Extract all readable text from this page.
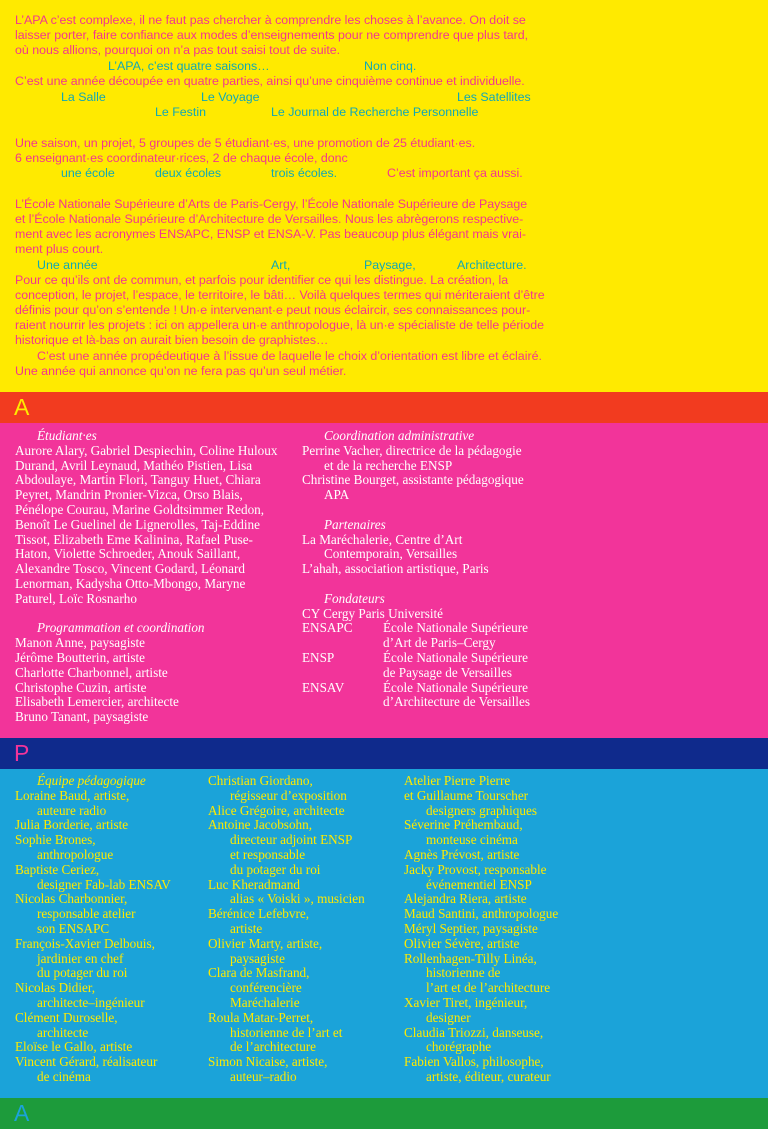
L’APA c’est complexe, il ne faut pas chercher à comprendre les choses à l’avance. On doit se
laisser porter, faire confiance aux modes d’enseignements pour ne comprendre que plus tard,
où nous allions, pourquoi on n’a pas tout saisi tout de suite.
L’APA, c’est quatre saisons…	Non cinq.
C’est une année découpée en quatre parties, ainsi qu’une cinquième continue et individuelle.
La Salle	Le Voyage	Les Satellites
Le Festin	Le Journal de Recherche Personnelle
Une saison, un projet, 5 groupes de 5 étudiant·es, une promotion de 25 étudiant·es.
6 enseignant·es coordinateur·rices, 2 de chaque école, donc
une école	deux écoles	trois écoles.	C’est important ça aussi.
L’École Nationale Supérieure d’Arts de Paris-Cergy, l’École Nationale Supérieure de Paysage
et l’École Nationale Supérieure d’Architecture de Versailles. Nous les abrègerons respective-
ment avec les acronymes ENSAPC, ENSP et ENSA-V. Pas beaucoup plus élégant mais vrai-
ment plus court.
Une année	Art,	Paysage,	Architecture.
Pour ce qu’ils ont de commun, et parfois pour identifier ce qui les distingue. La création, la
conception, le projet, l’espace, le territoire, le bâti… Voilà quelques termes qui mériteraient d’être
définis pour qu’on s’entende ! Un·e intervenant·e peut nous éclaircir, ses connaissances pour-
raient nourrir les projets : ici on appellera un·e anthropologue, là un·e spécialiste de telle période
historique et là-bas on aurait bien besoin de graphistes…
C’est une année propédeutique à l’issue de laquelle le choix d’orientation est libre et éclairé.
Une année qui annonce qu’on ne fera pas qu’un seul métier.
A

Étudiant·es

Aurore Alary, Gabriel Despiechin, Coline Huloux

Durand, Avril Leynaud, Mathéo Pistien, Lisa

Abdoulaye, Martin Flori, Tanguy Huet, Chiara

Peyret, Mandrin Pronier-Vizca, Orso Blais,

Pénélope Courau, Marine Goldtsimmer Redon,

Benoît Le Guelinel de Lignerolles, Taj-Eddine

Tissot, Elizabeth Eme Kalinina, Rafael Puse-

Haton, Violette Schroeder, Anouk Saillant,

Alexandre Tosco, Vincent Godard, Léonard

Lenorman, Kadysha Otto-Mbongo, Maryne

Paturel, Loïc Rosnarho

Programmation et coordination

Manon Anne, paysagiste

Jérôme Boutterin, artiste

Charlotte Charbonnel, artiste

Christophe Cuzin, artiste

Elisabeth Lemercier, architecte

Bruno Tanant, paysagiste

Coordination administrative

Perrine Vacher, directrice de la pédagogie

et de la recherche ENSP

Christine Bourget, assistante pédagogique

APA

Partenaires

La Maréchalerie, Centre d’Art

Contemporain, Versailles

L’ahah, association artistique, Paris

Fondateurs

CY Cergy Paris Université

ENSAPC	École Nationale Supérieure

d’Art de Paris–Cergy

ENSP	École Nationale Supérieure

de Paysage de Versailles

ENSAV	École Nationale Supérieure

d’Architecture de Versailles

P

Équipe pédagogique

Loraine Baud, artiste,

auteure radio

Julia Borderie, artiste

Sophie Brones,

anthropologue

Baptiste Ceriez,

designer Fab-lab ENSAV

Nicolas Charbonnier,

responsable atelier

son ENSAPC

François-Xavier Delbouis,

jardinier en chef

du potager du roi

Nicolas Didier,

architecte–ingénieur

Clément Duroselle,

architecte

Eloïse le Gallo, artiste

Vincent Gérard, réalisateur

de cinéma

Christian Giordano,

régisseur d’exposition

Alice Grégoire, architecte

Antoine Jacobsohn,

directeur adjoint ENSP

et responsable

du potager du roi

Luc Kheradmand

alias « Voiski », musicien

Bérénice Lefebvre,

artiste

Olivier Marty, artiste,

paysagiste

Clara de Masfrand,

conférencière

Maréchalerie

Roula Matar-Perret,

historienne de l’art et

de l’architecture

Simon Nicaise, artiste,

auteur–radio

Atelier Pierre Pierre

et Guillaume Tourscher

designers graphiques

Séverine Préhembaud,

monteuse cinéma

Agnès Prévost, artiste

Jacky Provost, responsable

événementiel ENSP

Alejandra Riera, artiste

Maud Santini, anthropologue

Méryl Septier, paysagiste

Olivier Sévère, artiste

Rollenhagen-Tilly Linéa,

historienne de

l’art et de l’architecture

Xavier Tiret, ingénieur,

designer

Claudia Triozzi, danseuse,

chorégraphe

Fabien Vallos, philosophe,

artiste, éditeur, curateur

A
